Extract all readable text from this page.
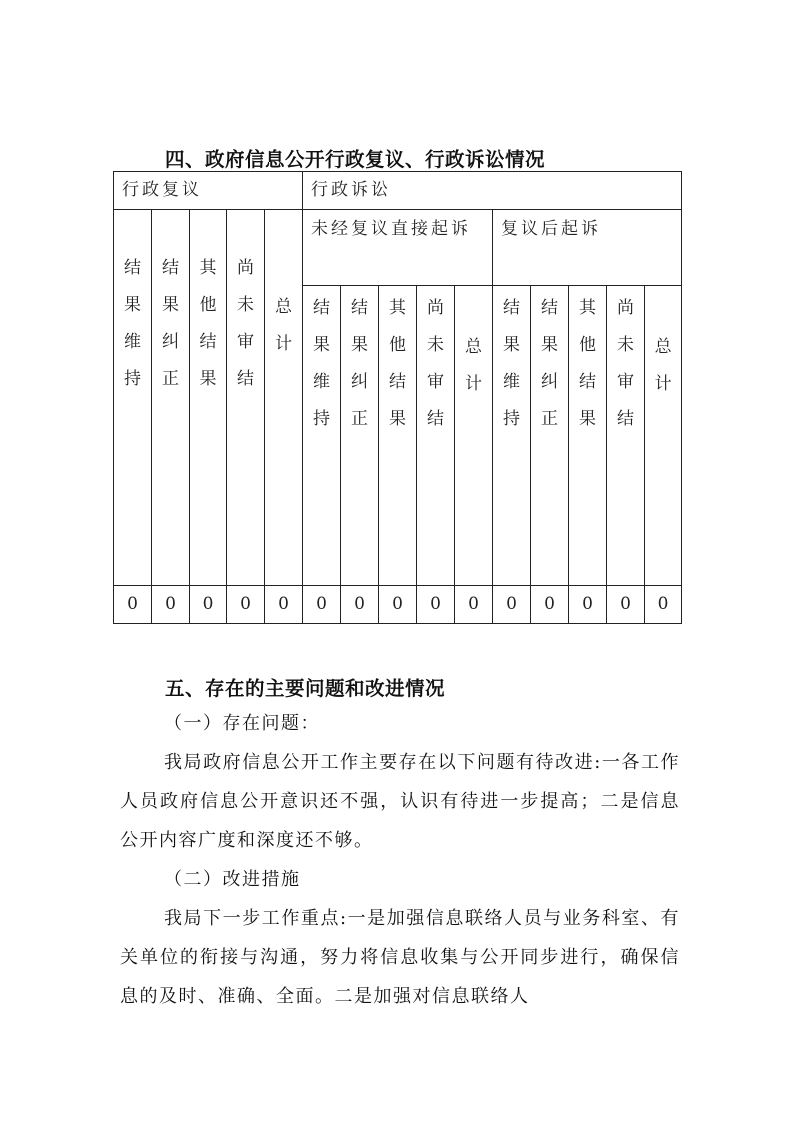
四、政府信息公开行政复议、行政诉讼情况
行政复议					行政诉讼									

结果维持	结果纠正	其他结果	尚未审结	总计	未经复议直接起诉					复议后起诉				

					结果维持	结果纠正	其他结果	尚未审结	总计	结果维持	结果纠正	其他结果	尚未审结	总计

0	0	0	0	0	0	0	0	0	0	0	0	0	0	0
五、存在的主要问题和改进情况
（一）存在问题：
我局政府信息公开工作主要存在以下问题有待改进:一各工作人员政府信息公开意识还不强，认识有待进一步提高；二是信息公开内容广度和深度还不够。
（二）改进措施
我局下一步工作重点:一是加强信息联络人员与业务科室、有关单位的衔接与沟通，努力将信息收集与公开同步进行，确保信息的及时、准确、全面。二是加强对信息联络人
